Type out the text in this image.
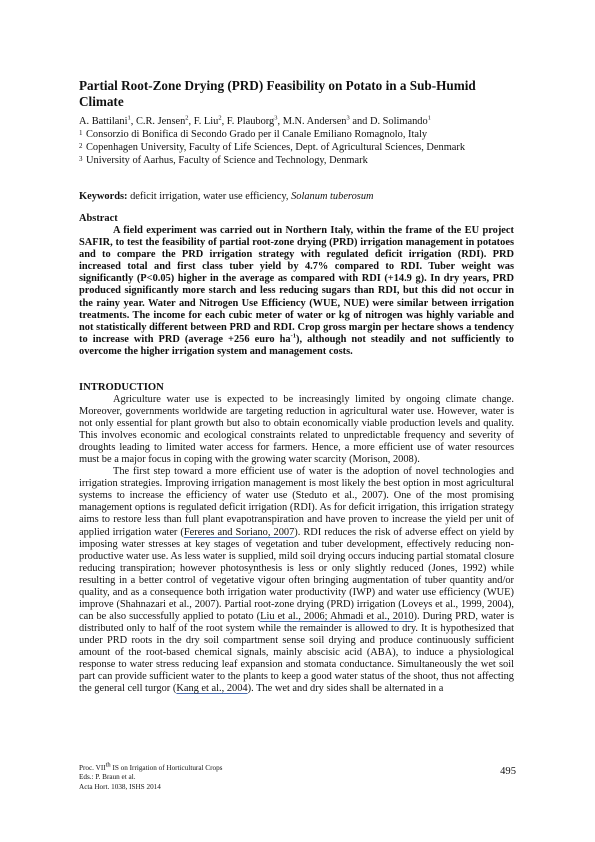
Partial Root-Zone Drying (PRD) Feasibility on Potato in a Sub-Humid Climate
A. Battilani$^1$, C.R. Jensen$^2$, F. Liu$^2$, F. Plauborg$^3$, M.N. Andersen$^3$ and D. Solimando$^1$
1 Consorzio di Bonifica di Secondo Grado per il Canale Emiliano Romagnolo, Italy
2 Copenhagen University, Faculty of Life Sciences, Dept. of Agricultural Sciences, Denmark
3 University of Aarhus, Faculty of Science and Technology, Denmark
Keywords: deficit irrigation, water use efficiency, Solanum tuberosum
Abstract
A field experiment was carried out in Northern Italy, within the frame of the EU project SAFIR, to test the feasibility of partial root-zone drying (PRD) irrigation management in potatoes and to compare the PRD irrigation strategy with regulated deficit irrigation (RDI). PRD increased total and first class tuber yield by 4.7% compared to RDI. Tuber weight was significantly (P<0.05) higher in the average as compared with RDI (+14.9 g). In dry years, PRD produced significantly more starch and less reducing sugars than RDI, but this did not occur in the rainy year. Water and Nitrogen Use Efficiency (WUE, NUE) were similar between irrigation treatments. The income for each cubic meter of water or kg of nitrogen was highly variable and not statistically different between PRD and RDI. Crop gross margin per hectare shows a tendency to increase with PRD (average +256 euro $ha^{-1}$), although not steadily and not sufficiently to overcome the higher irrigation system and management costs.
INTRODUCTION

Agriculture water use is expected to be increasingly limited by ongoing climate change. Moreover, governments worldwide are targeting reduction in agricultural water use. However, water is not only essential for plant growth but also to obtain economically viable production levels and quality. This involves economic and ecological constraints related to unpredictable frequency and severity of droughts leading to limited water access for farmers. Hence, a more efficient use of water resources must be a major focus in coping with the growing water scarcity (Morison, 2008).

The first step toward a more efficient use of water is the adoption of novel technologies and irrigation strategies. Improving irrigation management is most likely the best option in most agricultural systems to increase the efficiency of water use (Steduto et al., 2007). One of the most promising management options is regulated deficit irrigation (RDI). As for deficit irrigation, this irrigation strategy aims to restore less than full plant evapotranspiration and have proven to increase the yield per unit of applied irrigation water (Fereres and Soriano, 2007). RDI reduces the risk of adverse effect on yield by imposing water stresses at key stages of vegetation and tuber development, effectively reducing non-productive water use. As less water is supplied, mild soil drying occurs inducing partial stomatal closure reducing transpiration; however photosynthesis is less or only slightly reduced (Jones, 1992) while resulting in a better control of vegetative vigour often bringing augmentation of tuber quantity and/or quality, and as a consequence both irrigation water productivity (IWP) and water use efficiency (WUE) improve (Shahnazari et al., 2007). Partial root-zone drying (PRD) irrigation (Loveys et al., 1999, 2004), can be also successfully applied to potato (Liu et al., 2006; Ahmadi et al., 2010). During PRD, water is distributed only to half of the root system while the remainder is allowed to dry. It is hypothesized that under PRD roots in the dry soil compartment sense soil drying and produce continuously sufficient amount of the root-based chemical signals, mainly abscisic acid (ABA), to induce a physiological response to water stress reducing leaf expansion and stomata conductance. Simultaneously the wet soil part can provide sufficient water to the plants to keep a good water status of the shoot, thus not affecting the general cell turgor (Kang et al., 2004). The wet and dry sides shall be alternated in a

Proc. VIIth IS on Irrigation of Horticultural Crops
Eds.: P. Braun et al.
Acta Hort. 1038, ISHS 2014
495
